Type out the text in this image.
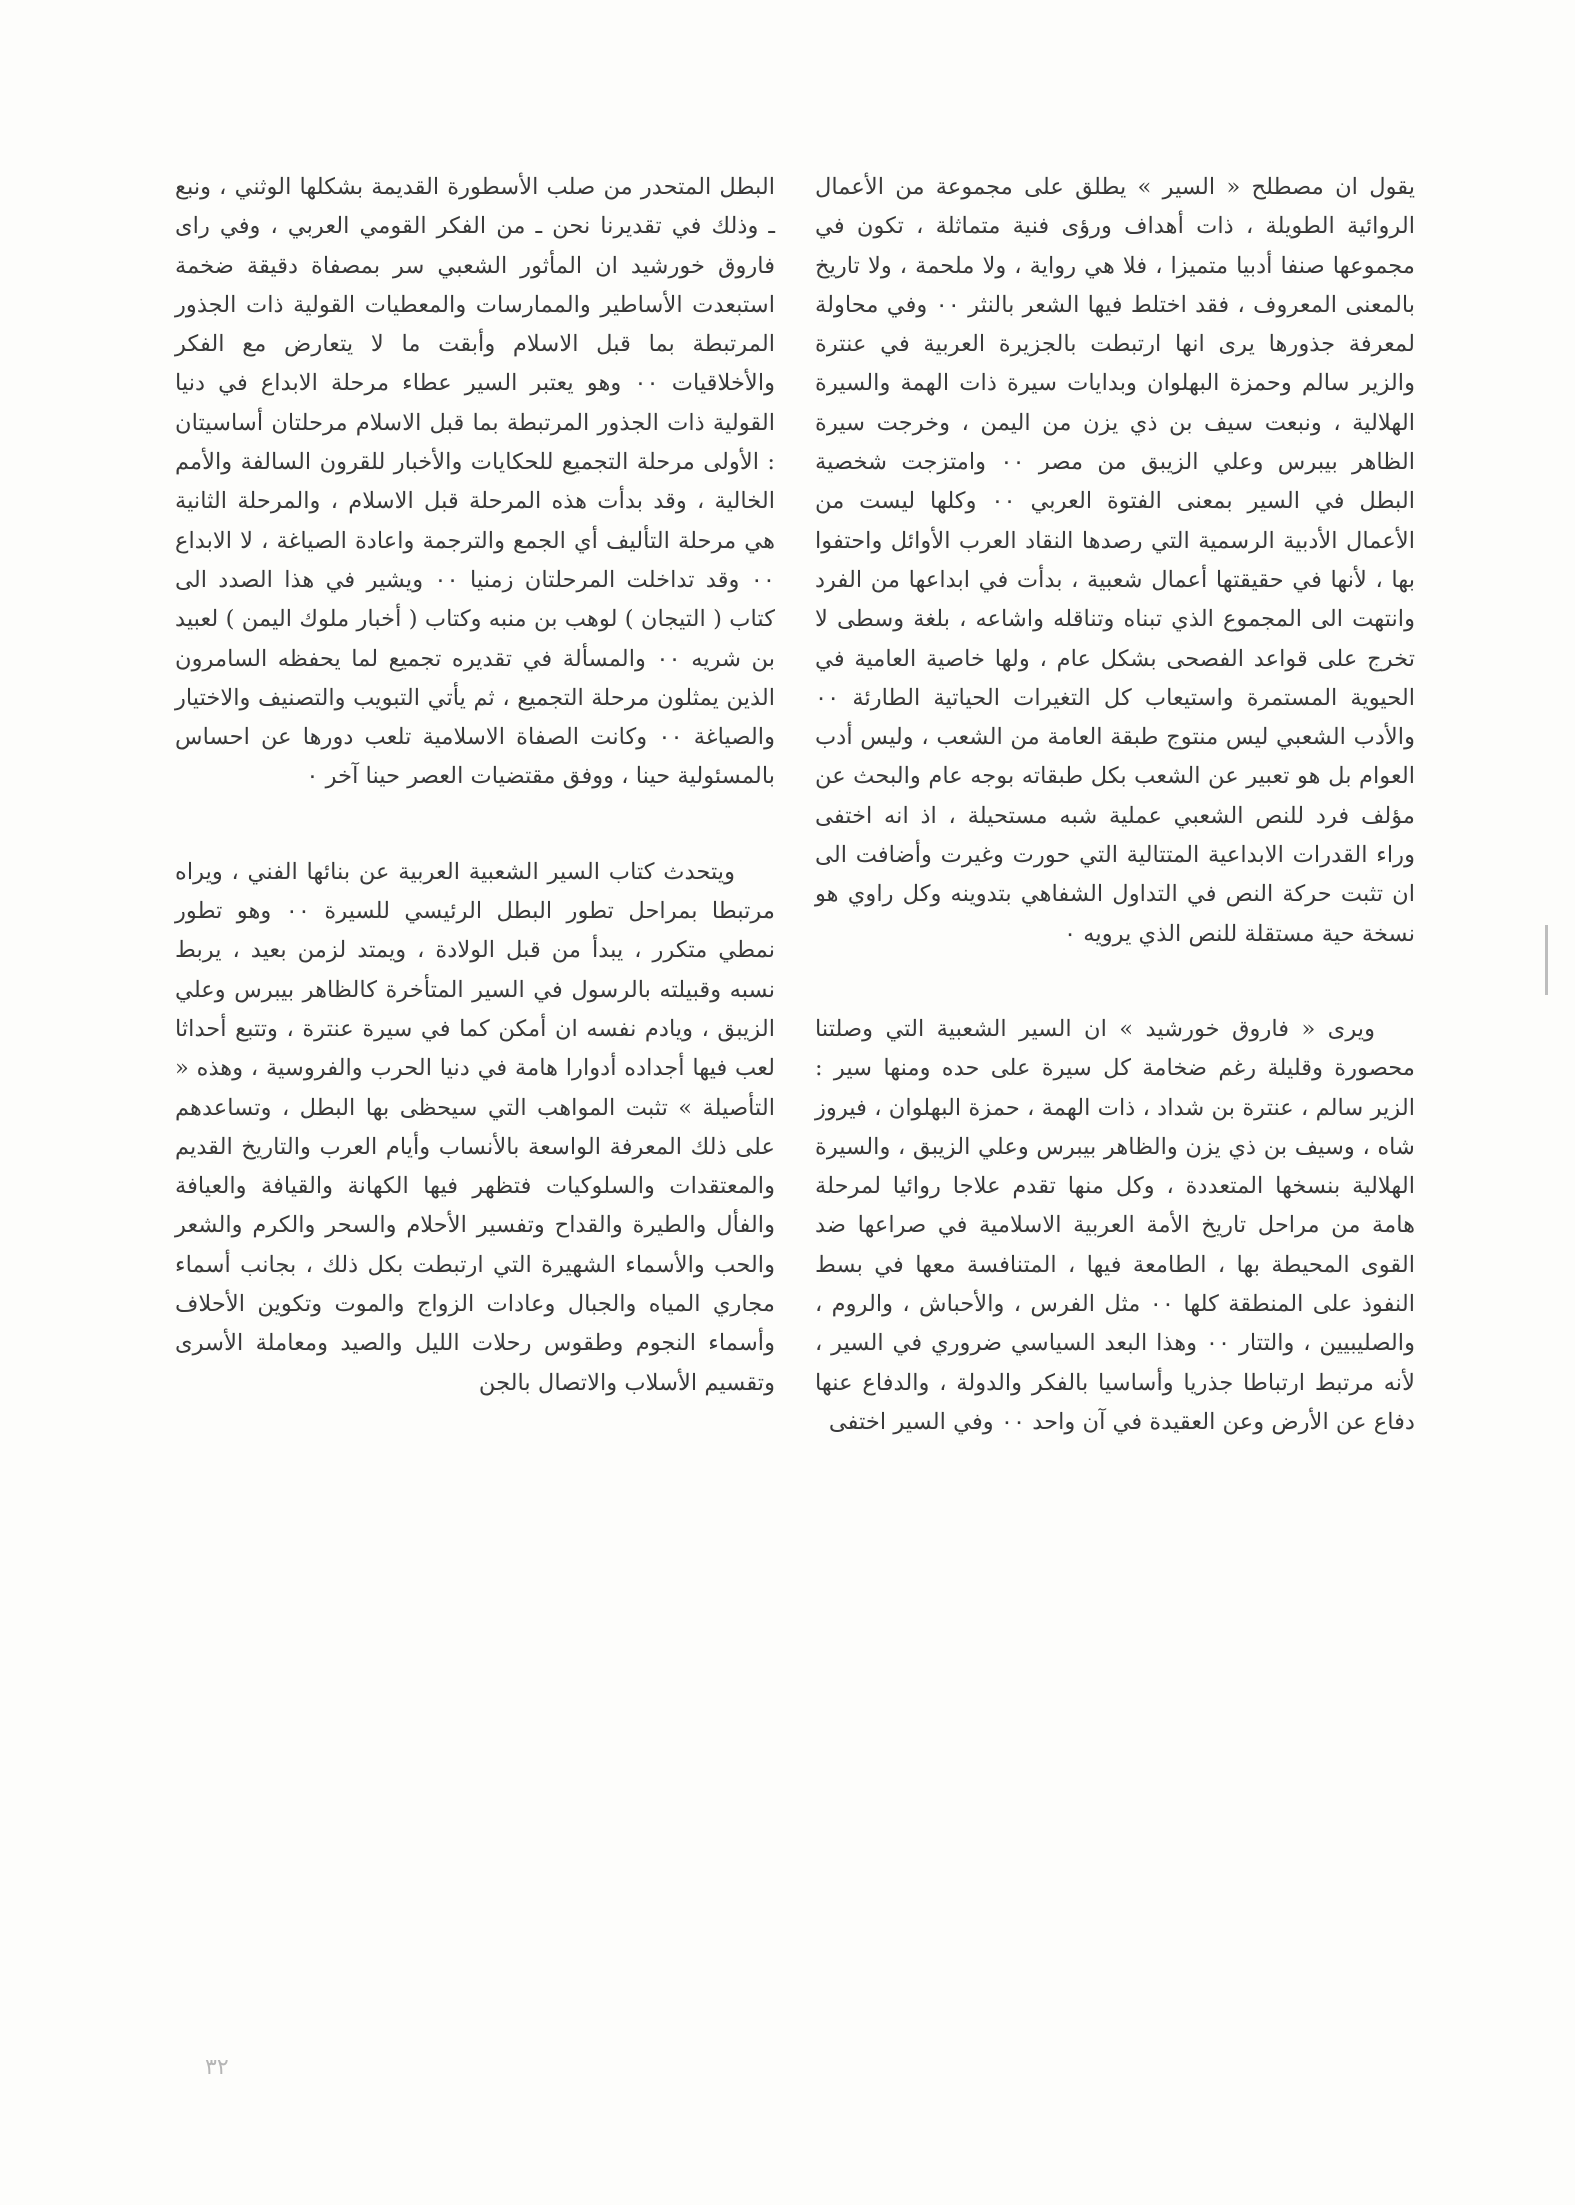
يقول ان مصطلح « السير » يطلق على مجموعة من الأعمال الروائية الطويلة ، ذات أهداف ورؤى فنية متماثلة ، تكون في مجموعها صنفا أدبيا متميزا ، فلا هي رواية ، ولا ملحمة ، ولا تاريخ بالمعنى المعروف ، فقد اختلط فيها الشعر بالنثر ٠٠ وفي محاولة لمعرفة جذورها يرى انها ارتبطت بالجزيرة العربية في عنترة والزير سالم وحمزة البهلوان وبدايات سيرة ذات الهمة والسيرة الهلالية ، ونبعت سيف بن ذي يزن من اليمن ، وخرجت سيرة الظاهر بيبرس وعلي الزيبق من مصر ٠٠ وامتزجت شخصية البطل في السير بمعنى الفتوة العربي ٠٠ وكلها ليست من الأعمال الأدبية الرسمية التي رصدها النقاد العرب الأوائل واحتفوا بها ، لأنها في حقيقتها أعمال شعبية ، بدأت في ابداعها من الفرد وانتهت الى المجموع الذي تبناه وتناقله واشاعه ، بلغة وسطى لا تخرج على قواعد الفصحى بشكل عام ، ولها خاصية العامية في الحيوية المستمرة واستيعاب كل التغيرات الحياتية الطارئة ٠٠ والأدب الشعبي ليس منتوج طبقة العامة من الشعب ، وليس أدب العوام بل هو تعبير عن الشعب بكل طبقاته بوجه عام والبحث عن مؤلف فرد للنص الشعبي عملية شبه مستحيلة ، اذ انه اختفى وراء القدرات الابداعية المتتالية التي حورت وغيرت وأضافت الى ان تثبت حركة النص في التداول الشفاهي بتدوينه وكل راوي هو نسخة حية مستقلة للنص الذي يرويه ٠

ويرى « فاروق خورشيد » ان السير الشعبية التي وصلتنا محصورة وقليلة رغم ضخامة كل سيرة على حده ومنها سير : الزير سالم ، عنترة بن شداد ، ذات الهمة ، حمزة البهلوان ، فيروز شاه ، وسيف بن ذي يزن والظاهر بيبرس وعلي الزيبق ، والسيرة الهلالية بنسخها المتعددة ، وكل منها تقدم علاجا روائيا لمرحلة هامة من مراحل تاريخ الأمة العربية الاسلامية في صراعها ضد القوى المحيطة بها ، الطامعة فيها ، المتنافسة معها في بسط النفوذ على المنطقة كلها ٠٠ مثل الفرس ، والأحباش ، والروم ، والصليبيين ، والتتار ٠٠ وهذا البعد السياسي ضروري في السير ، لأنه مرتبط ارتباطا جذريا وأساسيا بالفكر والدولة ، والدفاع عنها دفاع عن الأرض وعن العقيدة في آن واحد ٠٠ وفي السير اختفى

البطل المتحدر من صلب الأسطورة القديمة بشكلها الوثني ، ونبع ـ وذلك في تقديرنا نحن ـ من الفكر القومي العربي ، وفي راى فاروق خورشيد ان المأثور الشعبي سر بمصفاة دقيقة ضخمة استبعدت الأساطير والممارسات والمعطيات القولية ذات الجذور المرتبطة بما قبل الاسلام وأبقت ما لا يتعارض مع الفكر والأخلاقيات ٠٠ وهو يعتبر السير عطاء مرحلة الابداع في دنيا القولية ذات الجذور المرتبطة بما قبل الاسلام مرحلتان أساسيتان : الأولى مرحلة التجميع للحكايات والأخبار للقرون السالفة والأمم الخالية ، وقد بدأت هذه المرحلة قبل الاسلام ، والمرحلة الثانية هي مرحلة التأليف أي الجمع والترجمة واعادة الصياغة ، لا الابداع ٠٠ وقد تداخلت المرحلتان زمنيا ٠٠ ويشير في هذا الصدد الى كتاب ( التيجان ) لوهب بن منبه وكتاب ( أخبار ملوك اليمن ) لعبيد بن شريه ٠٠ والمسألة في تقديره تجميع لما يحفظه السامرون الذين يمثلون مرحلة التجميع ، ثم يأتي التبويب والتصنيف والاختيار والصياغة ٠٠ وكانت الصفاة الاسلامية تلعب دورها عن احساس بالمسئولية حينا ، ووفق مقتضيات العصر حينا آخر ٠

ويتحدث كتاب السير الشعبية العربية عن بنائها الفني ، ويراه مرتبطا بمراحل تطور البطل الرئيسي للسيرة ٠٠ وهو تطور نمطي متكرر ، يبدأ من قبل الولادة ، ويمتد لزمن بعيد ، يربط نسبه وقبيلته بالرسول في السير المتأخرة كالظاهر بيبرس وعلي الزيبق ، ويادم نفسه ان أمكن كما في سيرة عنترة ، وتتبع أحداثا لعب فيها أجداده أدوارا هامة في دنيا الحرب والفروسية ، وهذه « التأصيلة » تثبت المواهب التي سيحظى بها البطل ، وتساعدهم على ذلك المعرفة الواسعة بالأنساب وأيام العرب والتاريخ القديم والمعتقدات والسلوكيات فتظهر فيها الكهانة والقيافة والعيافة والفأل والطيرة والقداح وتفسير الأحلام والسحر والكرم والشعر والحب والأسماء الشهيرة التي ارتبطت بكل ذلك ، بجانب أسماء مجاري المياه والجبال وعادات الزواج والموت وتكوين الأحلاف وأسماء النجوم وطقوس رحلات الليل والصيد ومعاملة الأسرى وتقسيم الأسلاب والاتصال بالجن

٣٢
